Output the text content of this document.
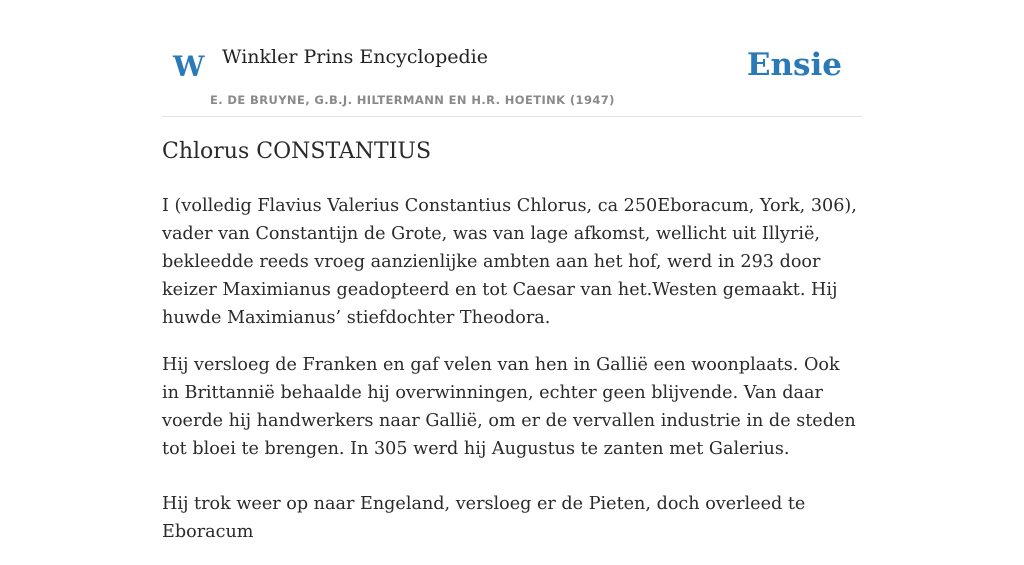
W Winkler Prins Encyclopedie
E. DE BRUYNE, G.B.J. HILTERMANN EN H.R. HOETINK (1947)
Ensie
Chlorus CONSTANTIUS

I (volledig Flavius Valerius Constantius Chlorus, ca 250Eboracum, York, 306), vader van Constantijn de Grote, was van lage afkomst, wellicht uit Illyrië, bekleedde reeds vroeg aanzienlijke ambten aan het hof, werd in 293 door keizer Maximianus geadopteerd en tot Caesar van het.Westen gemaakt. Hij huwde Maximianus’ stiefdochter Theodora.

Hij versloeg de Franken en gaf velen van hen in Gallië een woonplaats. Ook in Brittannië behaalde hij overwinningen, echter geen blijvende. Van daar voerde hij handwerkers naar Gallië, om er de vervallen industrie in de steden tot bloei te brengen. In 305 werd hij Augustus te zanten met Galerius.

Hij trok weer op naar Engeland, versloeg er de Pieten, doch overleed te Eboracum
